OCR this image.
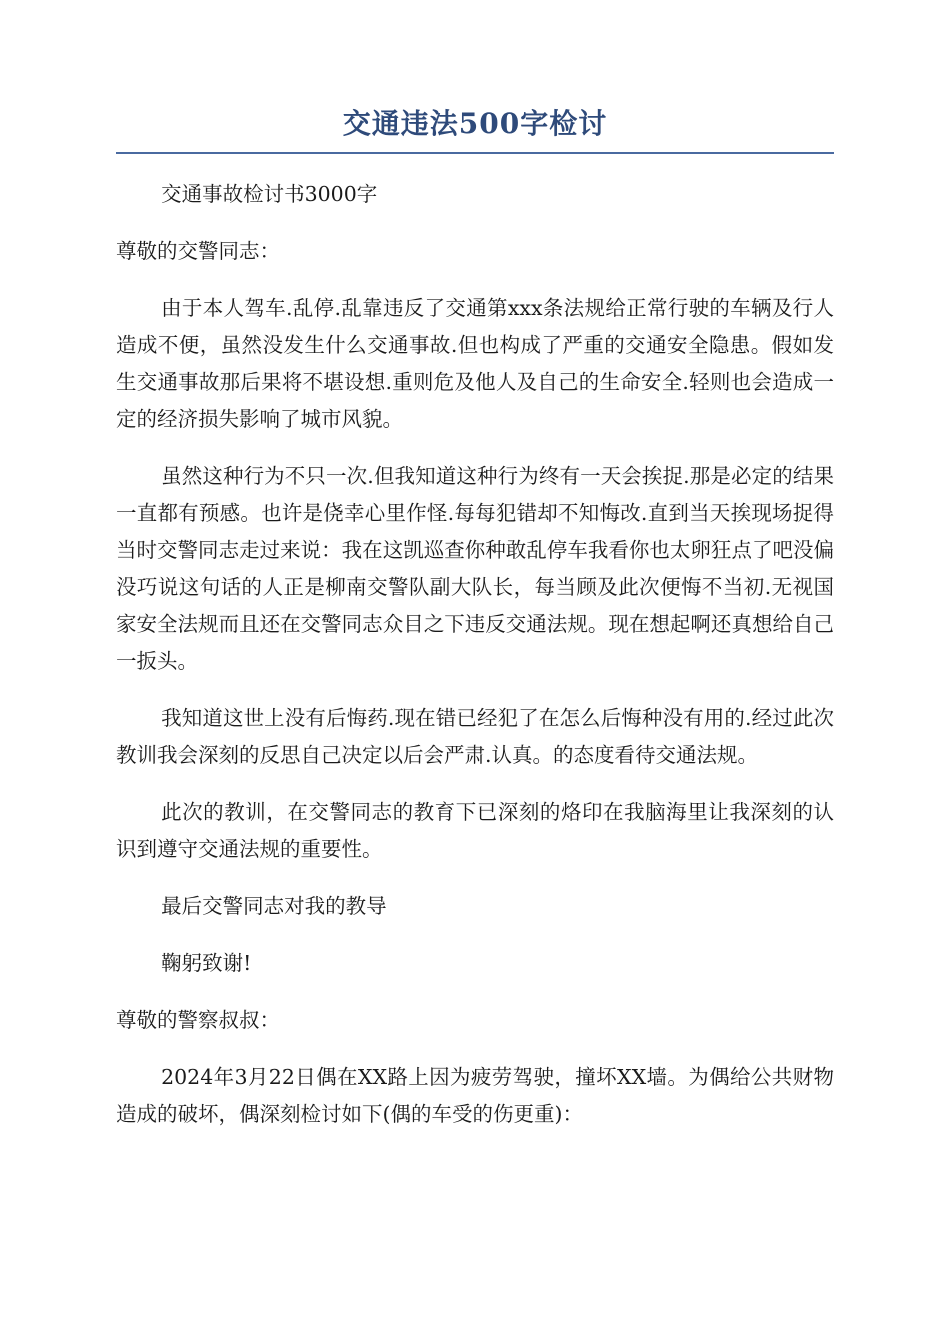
交通违法500字检讨

交通事故检讨书3000字

尊敬的交警同志：

由于本人驾车.乱停.乱靠违反了交通第xxx条法规给正常行驶的车辆及行人造成不便，虽然没发生什么交通事故.但也构成了严重的交通安全隐患。假如发生交通事故那后果将不堪设想.重则危及他人及自己的生命安全.轻则也会造成一定的经济损失影响了城市风貌。

虽然这种行为不只一次.但我知道这种行为终有一天会挨捉.那是必定的结果一直都有预感。也许是侥幸心里作怪.每每犯错却不知悔改.直到当天挨现场捉得当时交警同志走过来说：我在这凯巡查你种敢乱停车我看你也太卵狂点了吧没偏没巧说这句话的人正是柳南交警队副大队长，每当顾及此次便悔不当初.无视国家安全法规而且还在交警同志众目之下违反交通法规。现在想起啊还真想给自己一扳头。

我知道这世上没有后悔药.现在错已经犯了在怎么后悔种没有用的.经过此次教训我会深刻的反思自己决定以后会严肃.认真。的态度看待交通法规。

此次的教训，在交警同志的教育下已深刻的烙印在我脑海里让我深刻的认识到遵守交通法规的重要性。

最后交警同志对我的教导

鞠躬致谢!

尊敬的警察叔叔：

2024年3月22日偶在XX路上因为疲劳驾驶，撞坏XX墙。为偶给公共财物造成的破坏，偶深刻检讨如下(偶的车受的伤更重)：
